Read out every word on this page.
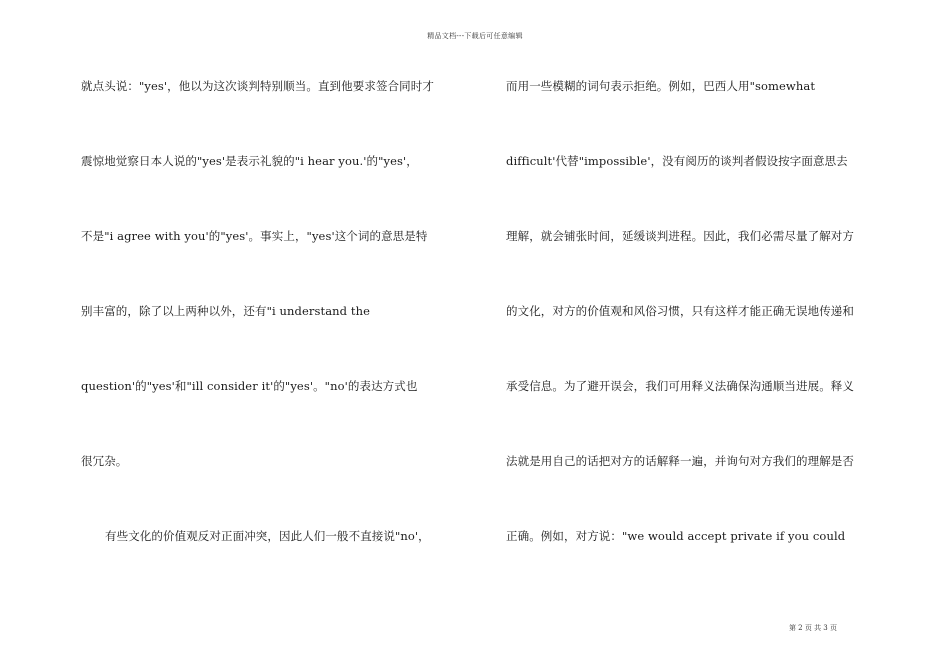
精品文档---下载后可任意编辑
就点头说："yes'，他以为这次谈判特别顺当。直到他要求签合同时才
震惊地觉察日本人说的"yes'是表示礼貌的"i hear you.'的"yes'，
不是"i agree with you'的"yes'。事实上，"yes'这个词的意思是特
别丰富的，除了以上两种以外，还有"i understand the
question'的"yes'和"ill consider it'的"yes'。"no'的表达方式也
很冗杂。
有些文化的价值观反对正面冲突，因此人们一般不直接说"no'，
而用一些模糊的词句表示拒绝。例如，巴西人用"somewhat
difficult'代替"impossible'，没有阅历的谈判者假设按字面意思去
理解，就会铺张时间，延缓谈判进程。因此，我们必需尽量了解对方
的文化，对方的价值观和风俗习惯，只有这样才能正确无误地传递和
承受信息。为了避开误会，我们可用释义法确保沟通顺当进展。释义
法就是用自己的话把对方的话解释一遍，并询句对方我们的理解是否
正确。例如，对方说："we would accept private if you could
第 2 页 共 3 页
